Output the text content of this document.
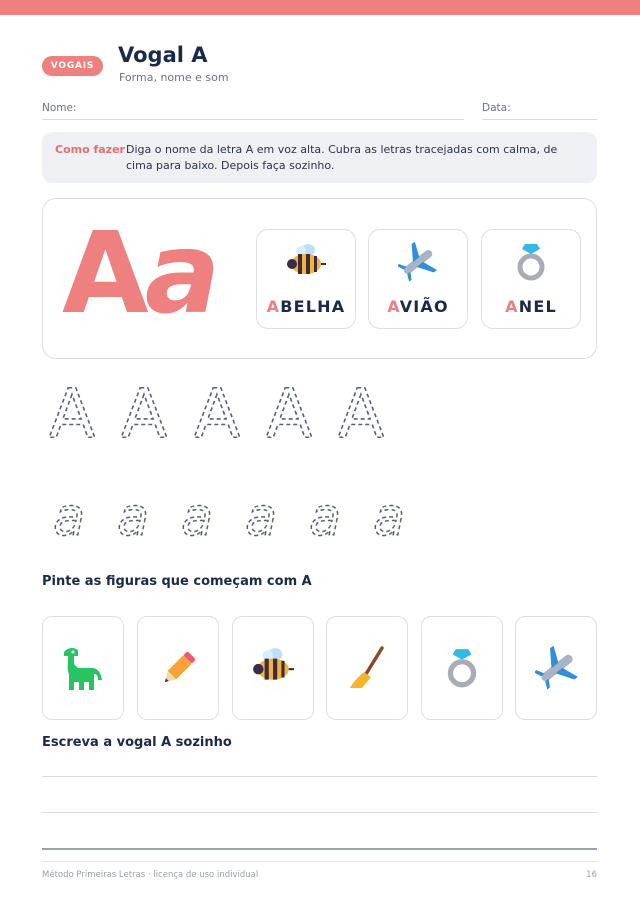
VOGAIS	Vogal A
Forma, nome e som
Nome:	Data:
Como fazer Diga o nome da letra A em voz alta. Cubra as letras tracejadas com calma, de cima para baixo. Depois faça sozinho.
Aa	ABELHA	AVIÃO	ANEL
A A A A A
a a a a a a
Pinte as figuras que começam com A
Escreva a vogal A sozinho
Método Primeiras Letras · licença de uso individual	16
